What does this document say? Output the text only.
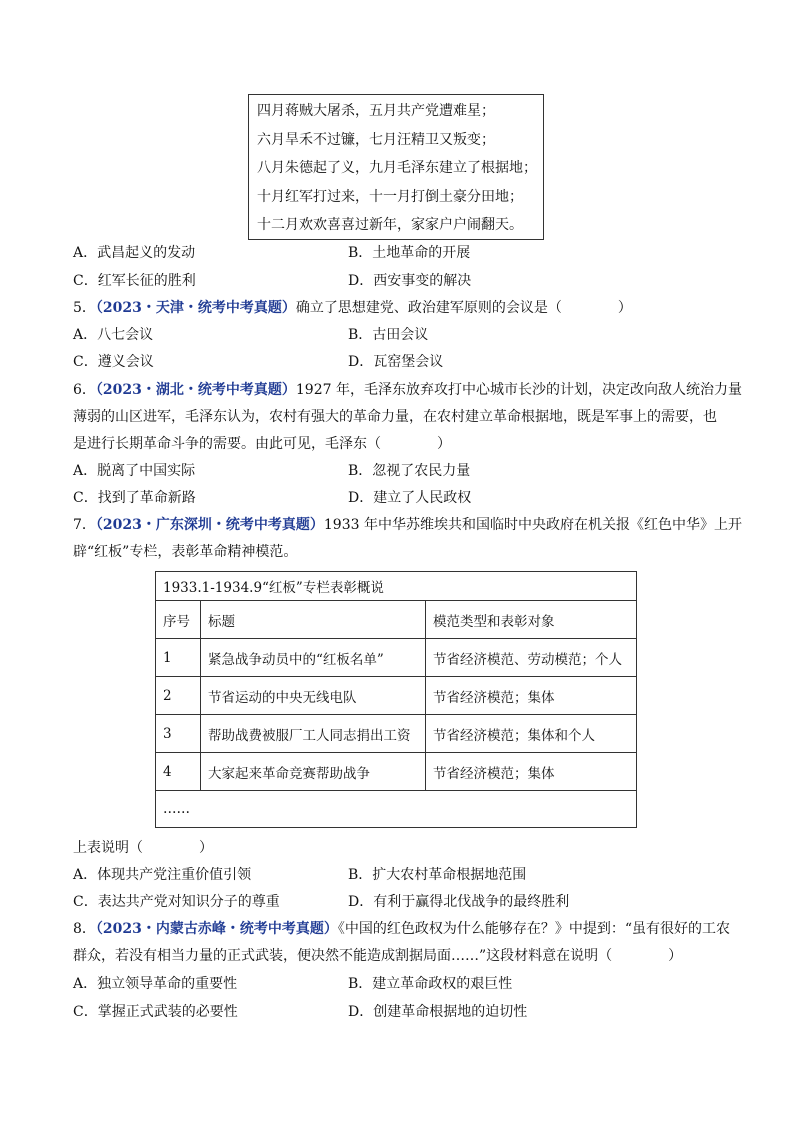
四月蒋贼大屠杀，五月共产党遭难星；
六月旱禾不过镰，七月汪精卫又叛变；
八月朱德起了义，九月毛泽东建立了根据地；
十月红军打过来，十一月打倒土豪分田地；
十二月欢欢喜喜过新年，家家户户闹翻天。
A．武昌起义的发动	B．土地革命的开展
C．红军长征的胜利	D．西安事变的解决
5．（2023・天津・统考中考真题）确立了思想建党、政治建军原则的会议是（　　　　）
A．八七会议	B．古田会议
C．遵义会议	D．瓦窑堡会议
6．（2023・湖北・统考中考真题）1927 年，毛泽东放弃攻打中心城市长沙的计划，决定改向敌人统治力量
薄弱的山区进军，毛泽东认为，农村有强大的革命力量，在农村建立革命根据地，既是军事上的需要，也
是进行长期革命斗争的需要。由此可见，毛泽东（　　　　）
A．脱离了中国实际	B．忽视了农民力量
C．找到了革命新路	D．建立了人民政权
7．（2023・广东深圳・统考中考真题）1933 年中华苏维埃共和国临时中央政府在机关报《红色中华》上开
辟“红板”专栏，表彰革命精神模范。
1933.1-1934.9“红板”专栏表彰概说		
序号	标题	模范类型和表彰对象
1	紧急战争动员中的“红板名单”	节省经济模范、劳动模范；个人
2	节省运动的中央无线电队	节省经济模范；集体
3	帮助战费被服厂工人同志捐出工资	节省经济模范；集体和个人
4	大家起来革命竞赛帮助战争	节省经济模范；集体
……		
上表说明（　　　　）
A．体现共产党注重价值引领	B．扩大农村革命根据地范围
C．表达共产党对知识分子的尊重	D．有利于赢得北伐战争的最终胜利
8．（2023・内蒙古赤峰・统考中考真题）《中国的红色政权为什么能够存在？》中提到：“虽有很好的工农
群众，若没有相当力量的正式武装，便决然不能造成割据局面……”这段材料意在说明（　　　　）
A．独立领导革命的重要性	B．建立革命政权的艰巨性
C．掌握正式武装的必要性	D．创建革命根据地的迫切性
